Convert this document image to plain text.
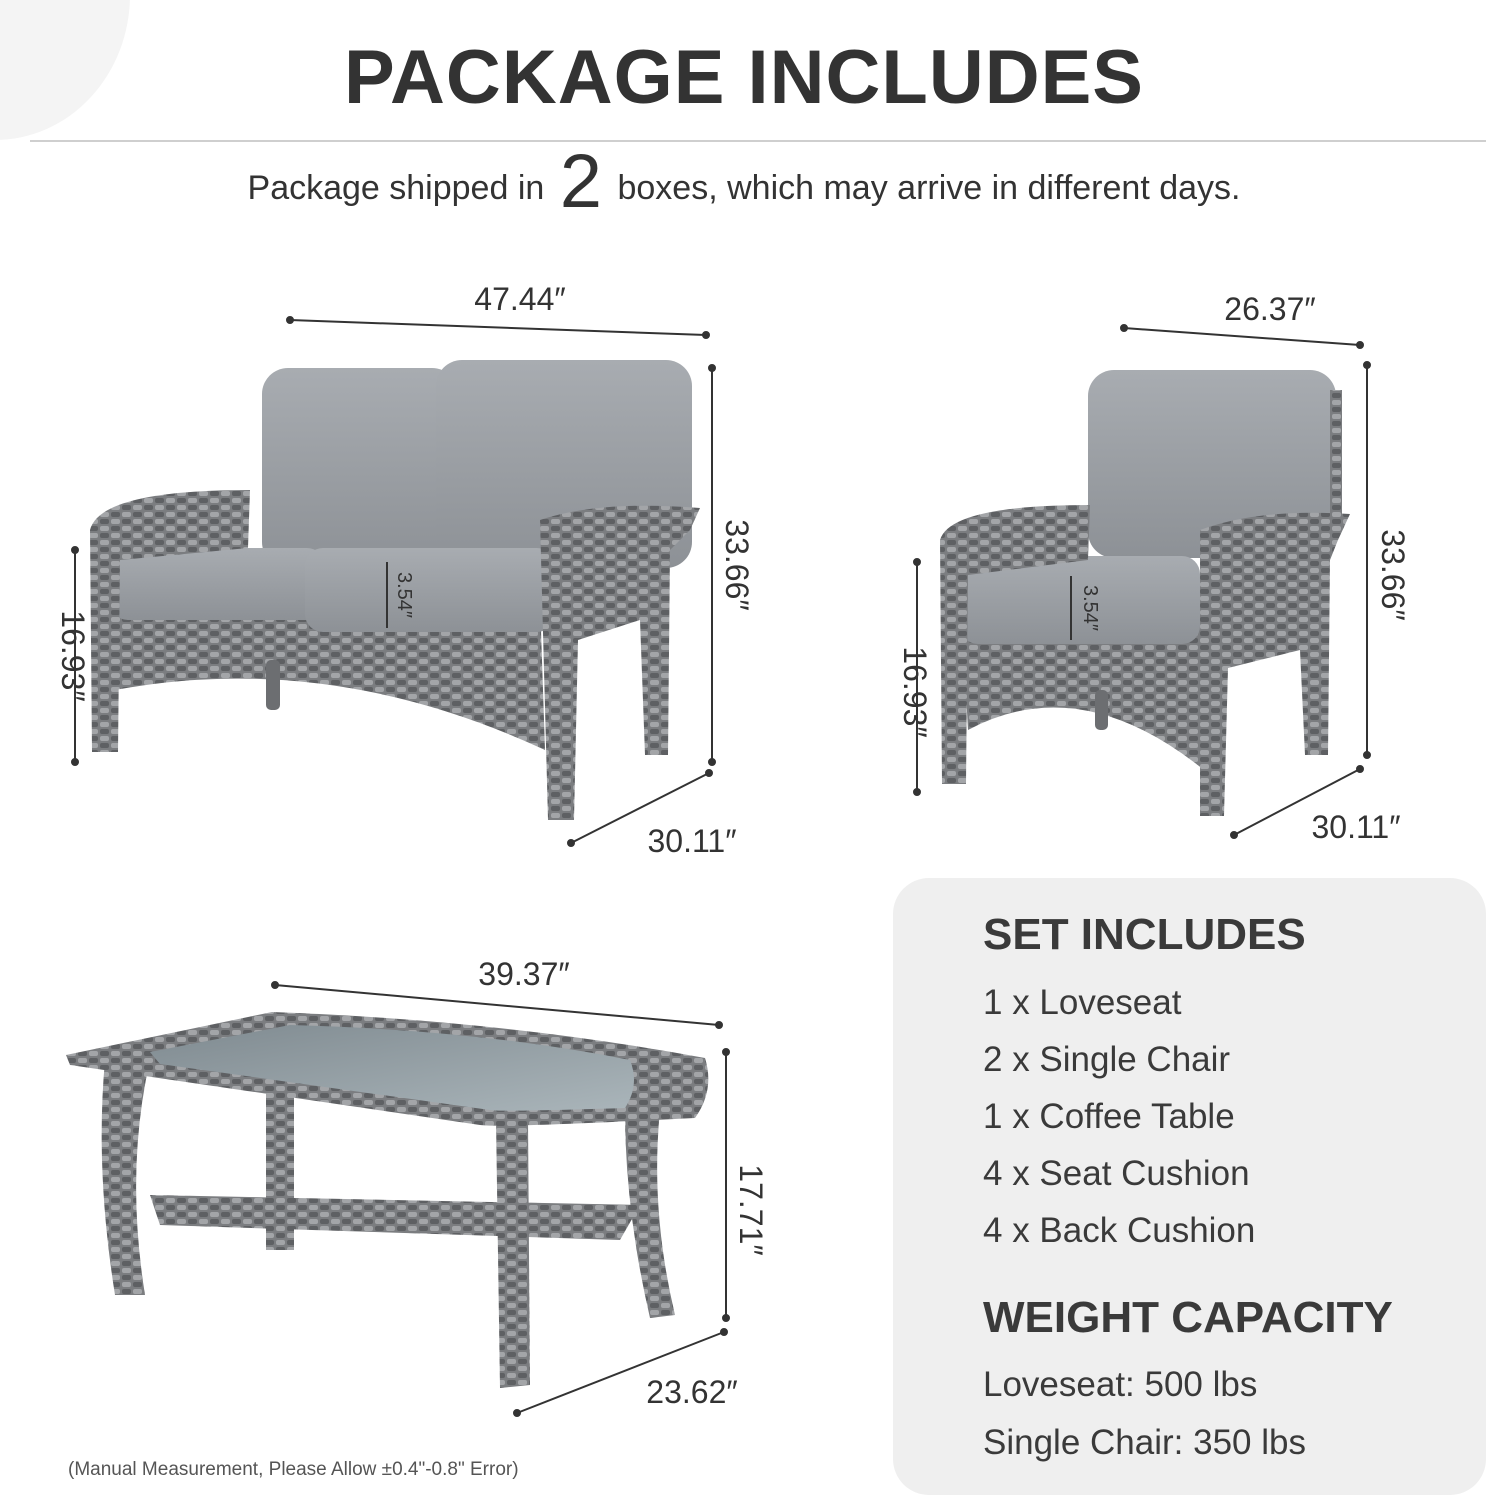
PACKAGE INCLUDES
Package shipped in 2 boxes, which may arrive in different days.
47.44″
33.66″
16.93″
30.11″
3.54″
26.37″
33.66″
16.93″
30.11″
3.54″
39.37″
17.71″
23.62″
SET INCLUDES
1 x Loveseat
2 x Single Chair
1 x Coffee Table
4 x Seat Cushion
4 x Back Cushion
WEIGHT CAPACITY
Loveseat: 500 lbs
Single Chair: 350 lbs
(Manual Measurement, Please Allow ±0.4"-0.8" Error)
